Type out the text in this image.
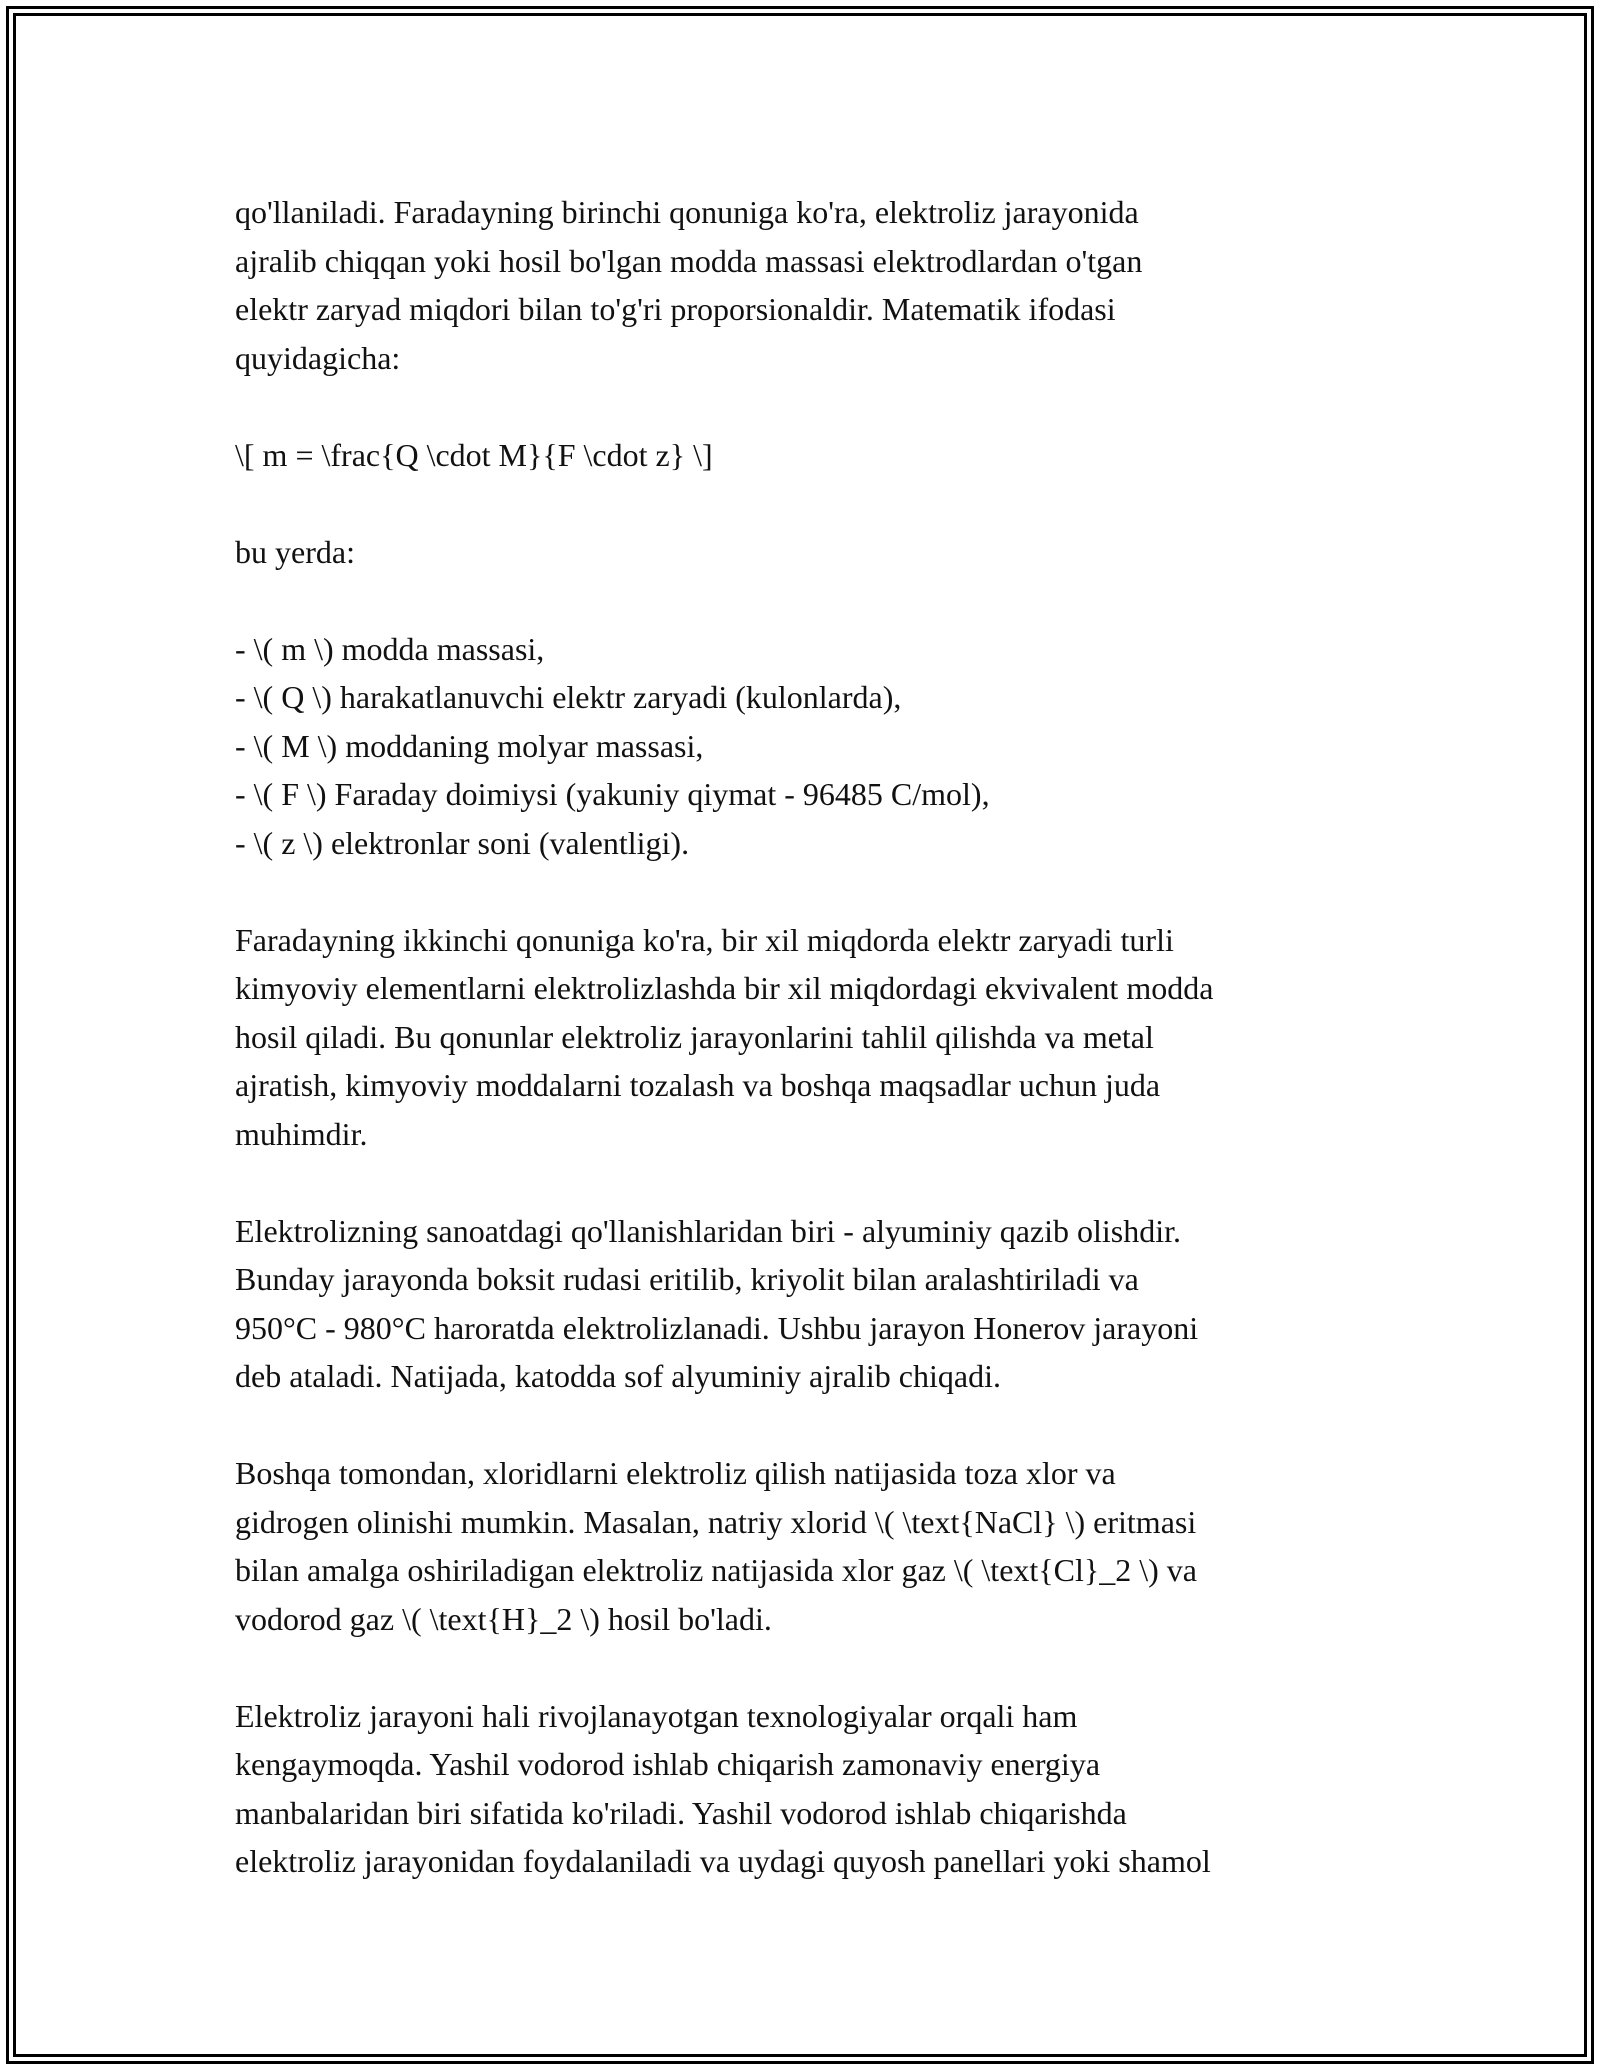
qo'llaniladi. Faradayning birinchi qonuniga ko'ra, elektroliz jarayonida
ajralib chiqqan yoki hosil bo'lgan modda massasi elektrodlardan o'tgan
elektr zaryad miqdori bilan to'g'ri proporsionaldir. Matematik ifodasi
quyidagicha:

\[ m = \frac{Q \cdot M}{F \cdot z} \]

bu yerda:

- \( m \) modda massasi,
- \( Q \) harakatlanuvchi elektr zaryadi (kulonlarda),
- \( M \) moddaning molyar massasi,
- \( F \) Faraday doimiysi (yakuniy qiymat - 96485 C/mol),
- \( z \) elektronlar soni (valentligi).

Faradayning ikkinchi qonuniga ko'ra, bir xil miqdorda elektr zaryadi turli
kimyoviy elementlarni elektrolizlashda bir xil miqdordagi ekvivalent modda
hosil qiladi. Bu qonunlar elektroliz jarayonlarini tahlil qilishda va metal
ajratish, kimyoviy moddalarni tozalash va boshqa maqsadlar uchun juda
muhimdir.

Elektrolizning sanoatdagi qo'llanishlaridan biri - alyuminiy qazib olishdir.
Bunday jarayonda boksit rudasi eritilib, kriyolit bilan aralashtiriladi va
950°C - 980°C haroratda elektrolizlanadi. Ushbu jarayon Honerov jarayoni
deb ataladi. Natijada, katodda sof alyuminiy ajralib chiqadi.

Boshqa tomondan, xloridlarni elektroliz qilish natijasida toza xlor va
gidrogen olinishi mumkin. Masalan, natriy xlorid \( \text{NaCl} \) eritmasi
bilan amalga oshiriladigan elektroliz natijasida xlor gaz \( \text{Cl}_2 \) va
vodorod gaz \( \text{H}_2 \) hosil bo'ladi.

Elektroliz jarayoni hali rivojlanayotgan texnologiyalar orqali ham
kengaymoqda. Yashil vodorod ishlab chiqarish zamonaviy energiya
manbalaridan biri sifatida ko'riladi. Yashil vodorod ishlab chiqarishda
elektroliz jarayonidan foydalaniladi va uydagi quyosh panellari yoki shamol
